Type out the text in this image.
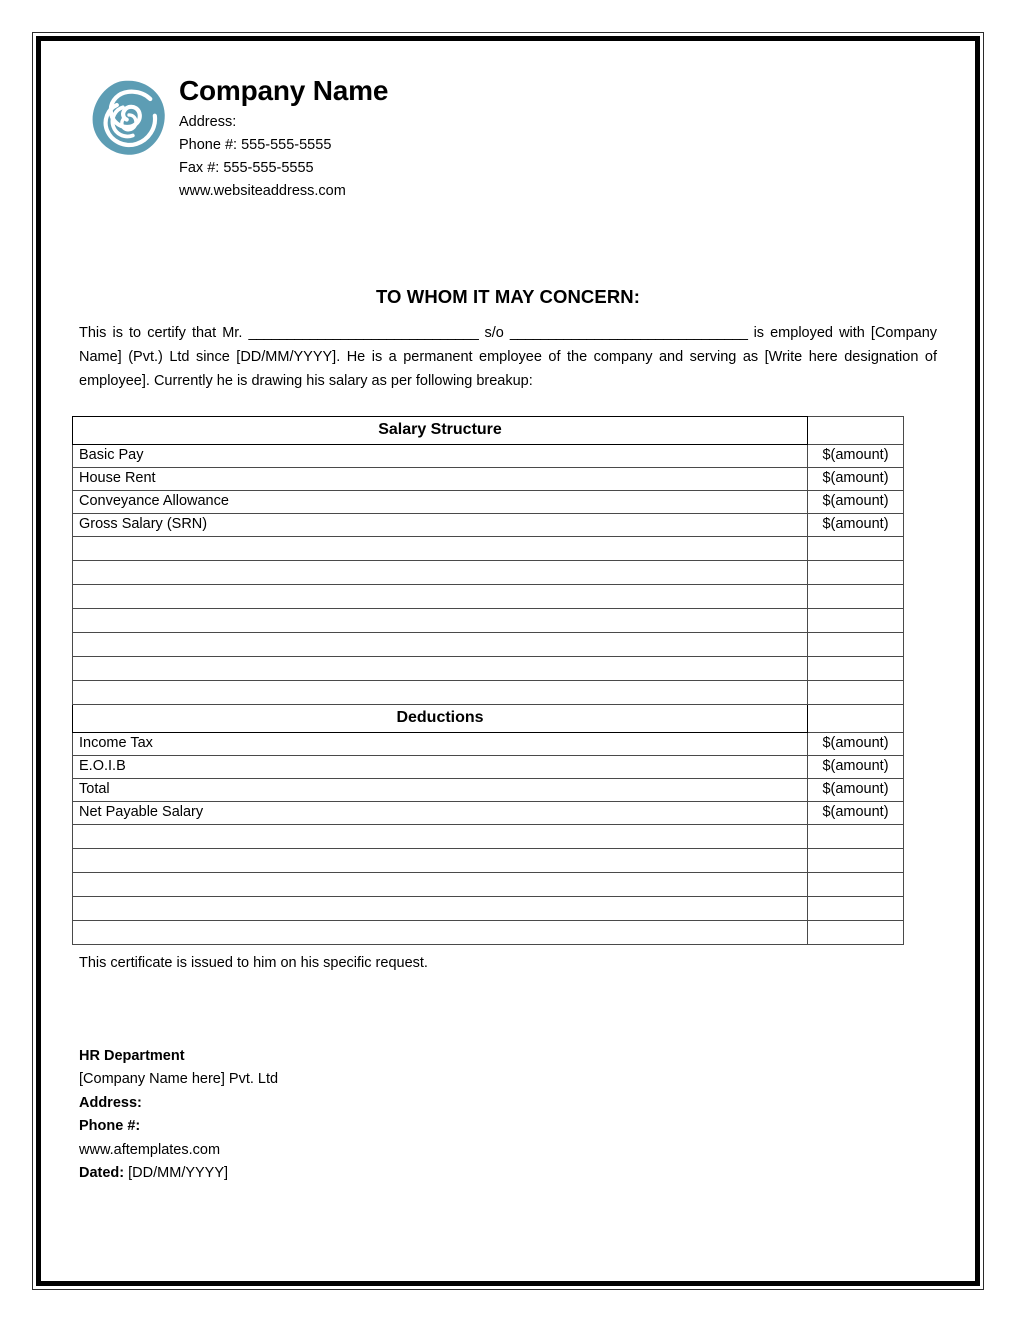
Company Name

Address:

Phone #: 555-555-5555

Fax #: 555-555-5555

www.websiteaddress.com

TO WHOM IT MAY CONCERN:

This is to certify that Mr. ______________________________ s/o _______________________________ is employed with [Company Name] (Pvt.) Ltd since [DD/MM/YYYY]. He is a permanent employee of the company and serving as [Write here designation of employee]. Currently he is drawing his salary as per following breakup:

Salary Structure	
Basic Pay	$(amount)
House Rent	$(amount)
Conveyance Allowance	$(amount)
Gross Salary (SRN)	$(amount)

Deductions	
Income Tax	$(amount)
E.O.I.B	$(amount)
Total	$(amount)
Net Payable Salary	$(amount)

This certificate is issued to him on his specific request.

HR Department

[Company Name here] Pvt. Ltd

Address:

Phone #:

www.aftemplates.com

Dated: [DD/MM/YYYY]
